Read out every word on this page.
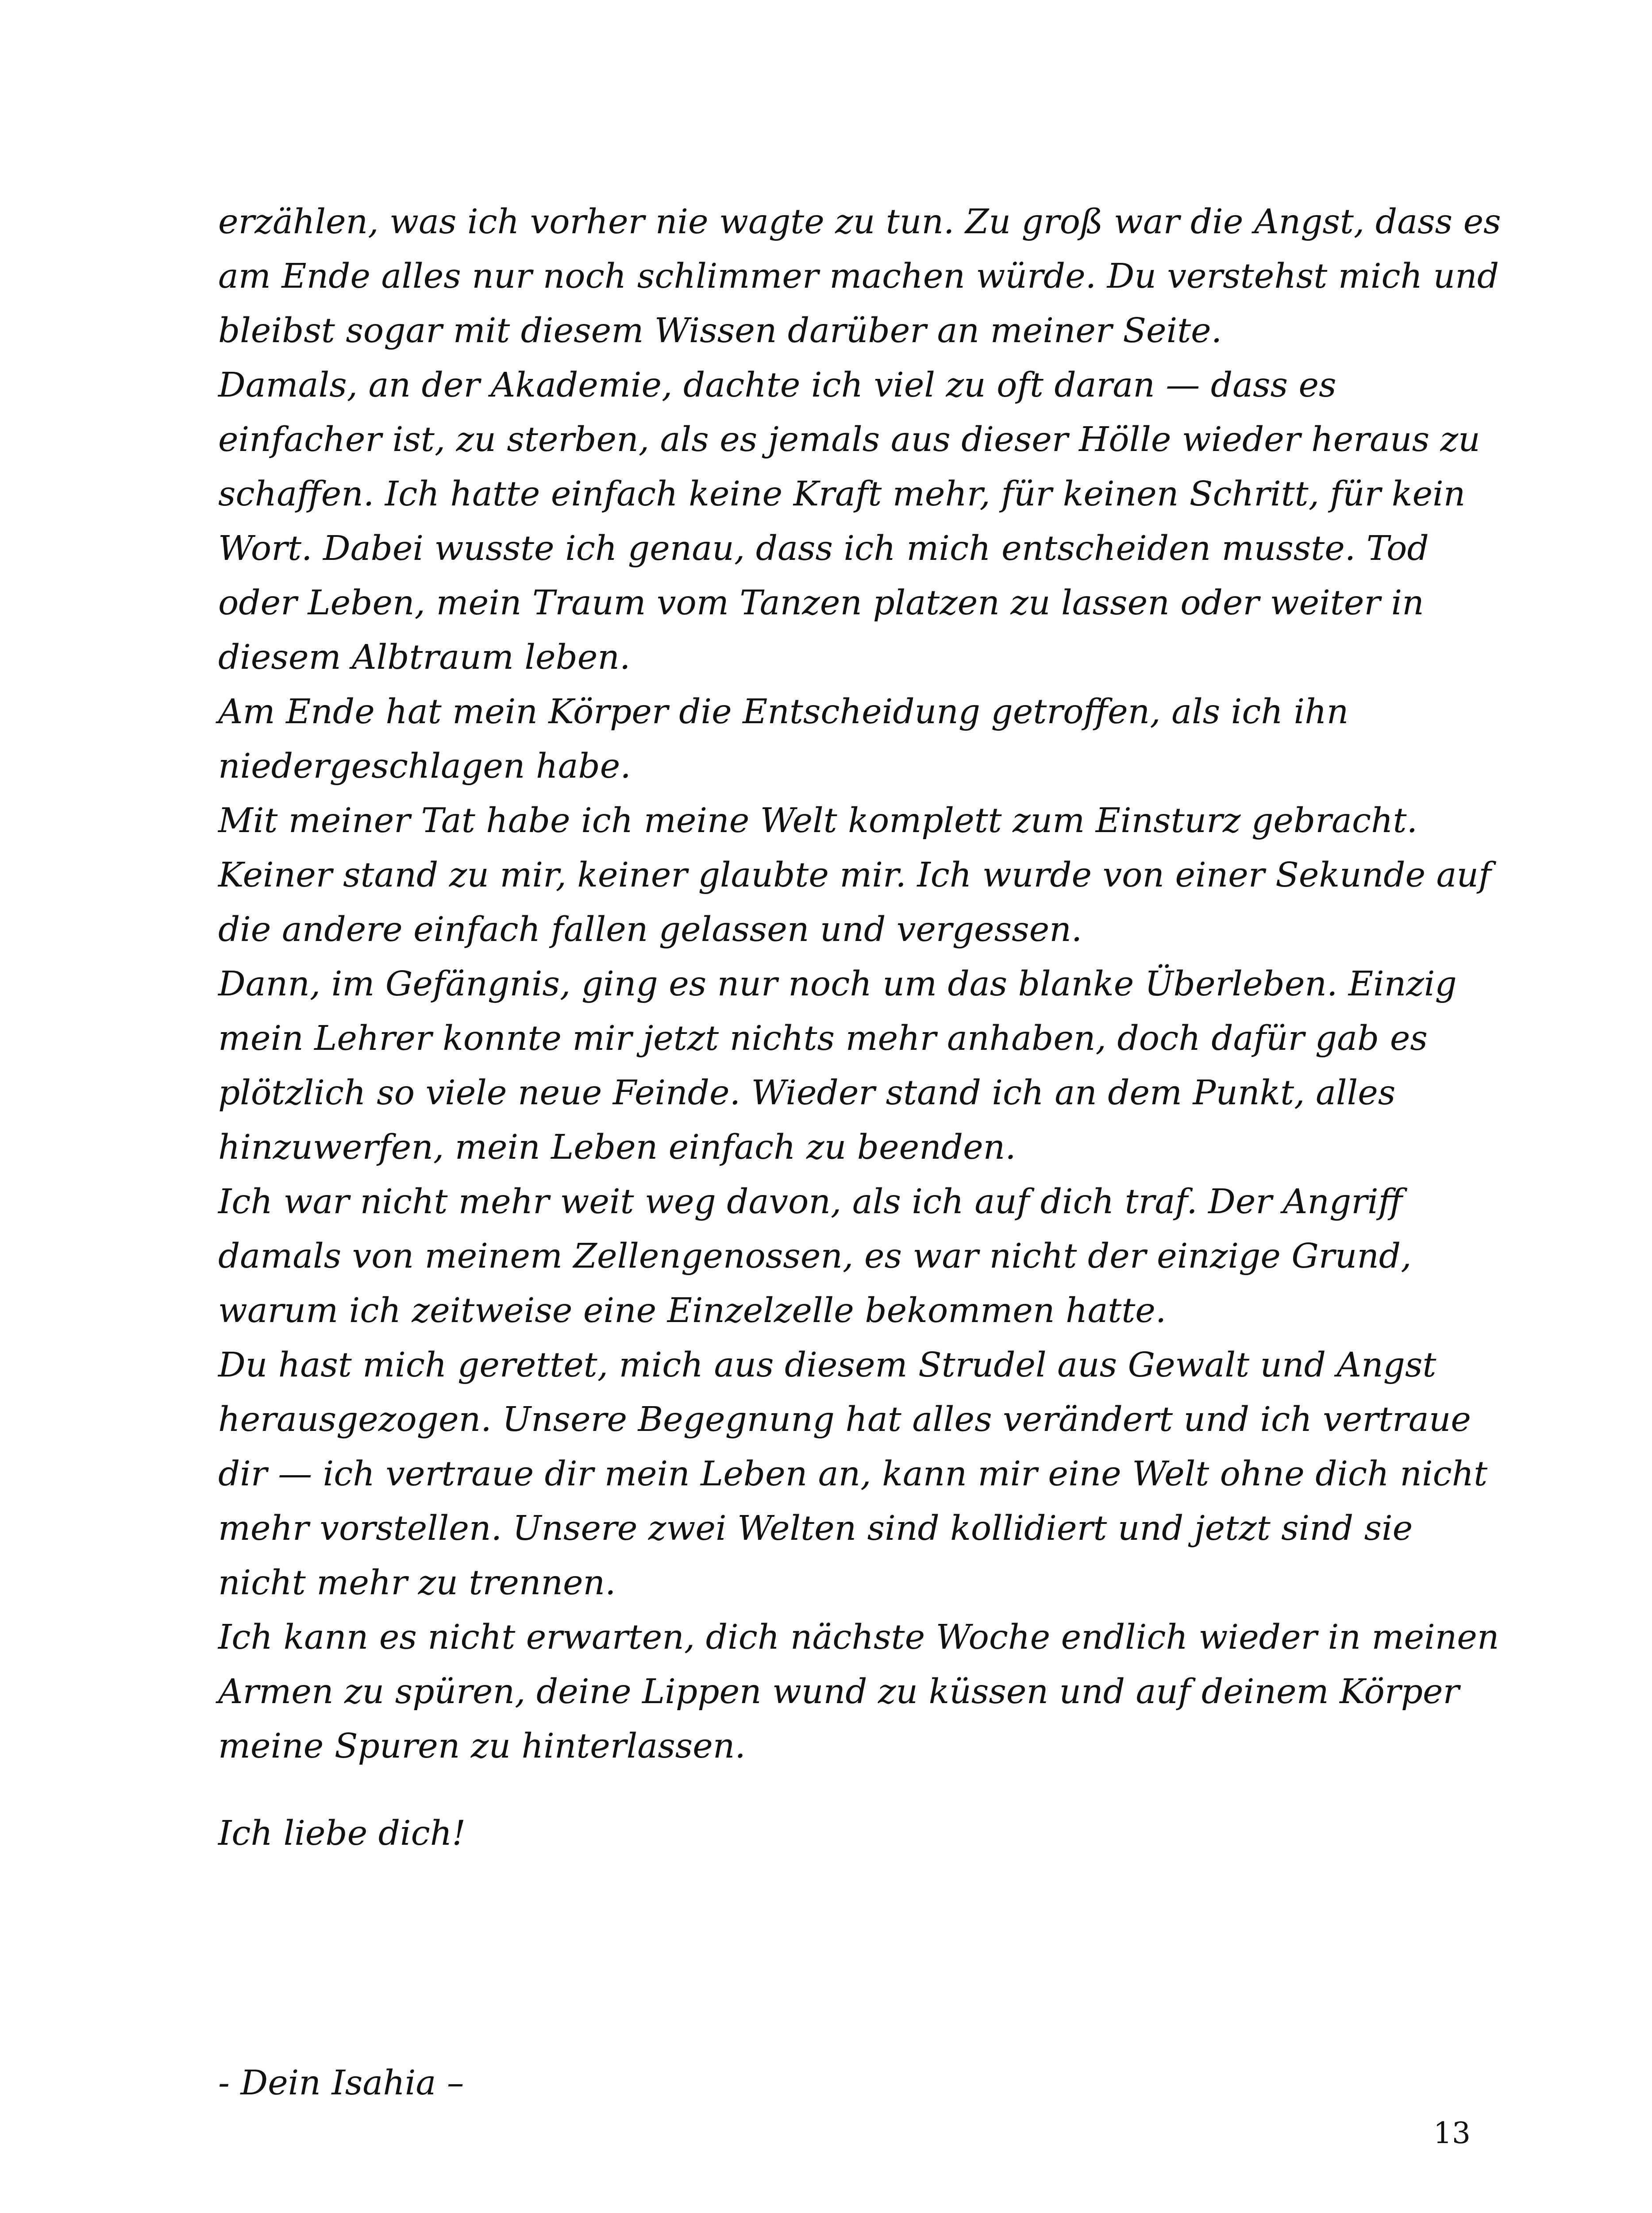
erzählen, was ich vorher nie wagte zu tun. Zu groß war die Angst, dass es
am Ende alles nur noch schlimmer machen würde. Du verstehst mich und
bleibst sogar mit diesem Wissen darüber an meiner Seite.
Damals, an der Akademie, dachte ich viel zu oft daran — dass es
einfacher ist, zu sterben, als es jemals aus dieser Hölle wieder heraus zu
schaffen. Ich hatte einfach keine Kraft mehr, für keinen Schritt, für kein
Wort. Dabei wusste ich genau, dass ich mich entscheiden musste. Tod
oder Leben, mein Traum vom Tanzen platzen zu lassen oder weiter in
diesem Albtraum leben.
Am Ende hat mein Körper die Entscheidung getroffen, als ich ihn
niedergeschlagen habe.
Mit meiner Tat habe ich meine Welt komplett zum Einsturz gebracht.
Keiner stand zu mir, keiner glaubte mir. Ich wurde von einer Sekunde auf
die andere einfach fallen gelassen und vergessen.
Dann, im Gefängnis, ging es nur noch um das blanke Überleben. Einzig
mein Lehrer konnte mir jetzt nichts mehr anhaben, doch dafür gab es
plötzlich so viele neue Feinde. Wieder stand ich an dem Punkt, alles
hinzuwerfen, mein Leben einfach zu beenden.
Ich war nicht mehr weit weg davon, als ich auf dich traf. Der Angriff
damals von meinem Zellengenossen, es war nicht der einzige Grund,
warum ich zeitweise eine Einzelzelle bekommen hatte.
Du hast mich gerettet, mich aus diesem Strudel aus Gewalt und Angst
herausgezogen. Unsere Begegnung hat alles verändert und ich vertraue
dir — ich vertraue dir mein Leben an, kann mir eine Welt ohne dich nicht
mehr vorstellen. Unsere zwei Welten sind kollidiert und jetzt sind sie
nicht mehr zu trennen.
Ich kann es nicht erwarten, dich nächste Woche endlich wieder in meinen
Armen zu spüren, deine Lippen wund zu küssen und auf deinem Körper
meine Spuren zu hinterlassen.
Ich liebe dich!
- Dein Isahia –
13
